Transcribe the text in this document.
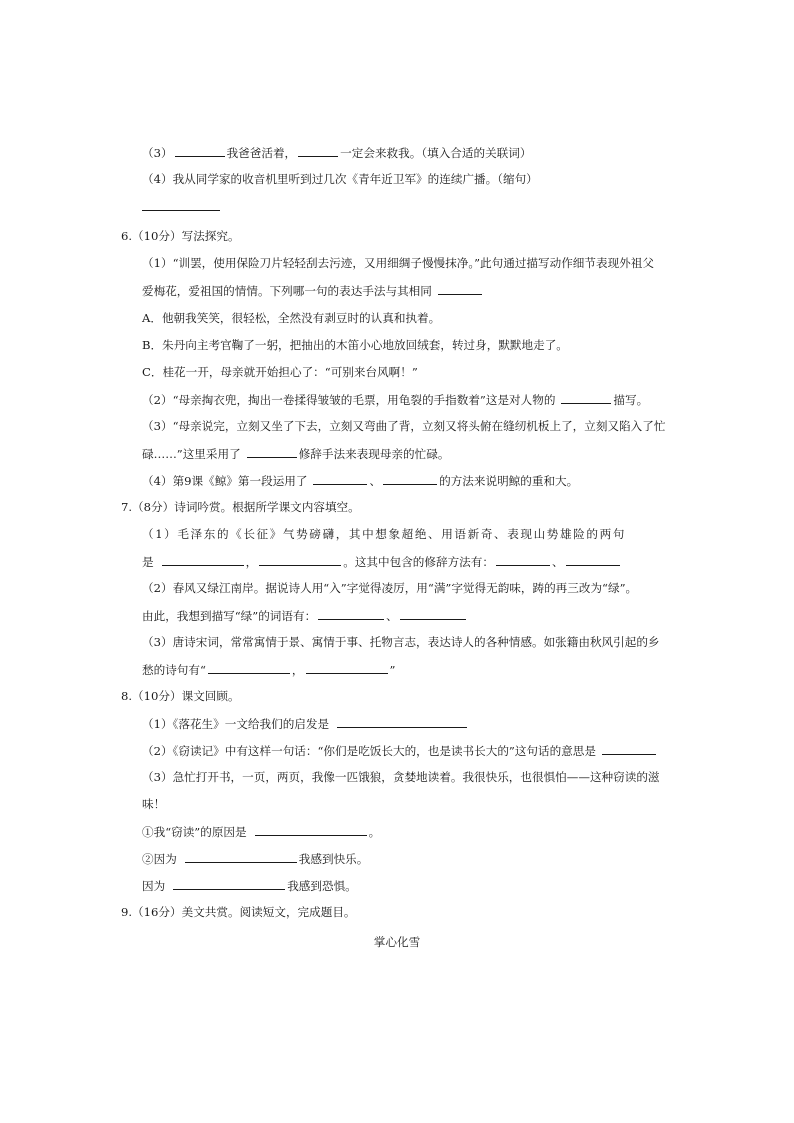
（3）	我爸爸活着，	一定会来救我。（填入合适的关联词）
（4）我从同学家的收音机里听到过几次《青年近卫军》的连续广播。（缩句）
6.（10分）写法探究。
（1）“训罢，使用保险刀片轻轻刮去污迹，又用细绸子慢慢抹净。”此句通过描写动作细节表现外祖父
爱梅花，爱祖国的情情。下列哪一句的表达手法与其相同
A．他朝我笑笑，很轻松，全然没有剥豆时的认真和执着。
B．朱丹向主考官鞠了一躬，把抽出的木笛小心地放回绒套，转过身，默默地走了。
C．桂花一开，母亲就开始担心了：“可别来台风啊！”
（2）“母亲掏衣兜，掏出一卷揉得皱皱的毛票，用龟裂的手指数着”这是对人物的	描写。
（3）“母亲说完，立刻又坐了下去，立刻又弯曲了背，立刻又将头俯在缝纫机板上了，立刻又陷入了忙
碌……”这里采用了	修辞手法来表现母亲的忙碌。
（4）第9课《鲸》第一段运用了	、	的方法来说明鲸的重和大。
7.（8分）诗词吟赏。根据所学课文内容填空。
（1）毛泽东的《长征》气势磅礴，其中想象超绝、用语新奇、表现山势雄险的两句
是	，	。这其中包含的修辞方法有：	、
（2）春风又绿江南岸。据说诗人用“入”字觉得凌厉，用“满”字觉得无韵味，踌的再三改为“绿”。
由此，我想到描写“绿”的词语有：	、
（3）唐诗宋词，常常寓情于景、寓情于事、托物言志，表达诗人的各种情感。如张籍由秋风引起的乡
愁的诗句有“	，	”
8.（10分）课文回顾。
（1）《落花生》一文给我们的启发是
（2）《窃读记》中有这样一句话：“你们是吃饭长大的，也是读书长大的”这句话的意思是
（3）急忙打开书，一页，两页，我像一匹饿狼，贪婪地读着。我很快乐，也很惧怕——这种窃读的滋
味！
①我“窃读”的原因是	。
②因为	我感到快乐。
因为	我感到恐惧。
9.（16分）美文共赏。阅读短文，完成题目。
掌心化雪
